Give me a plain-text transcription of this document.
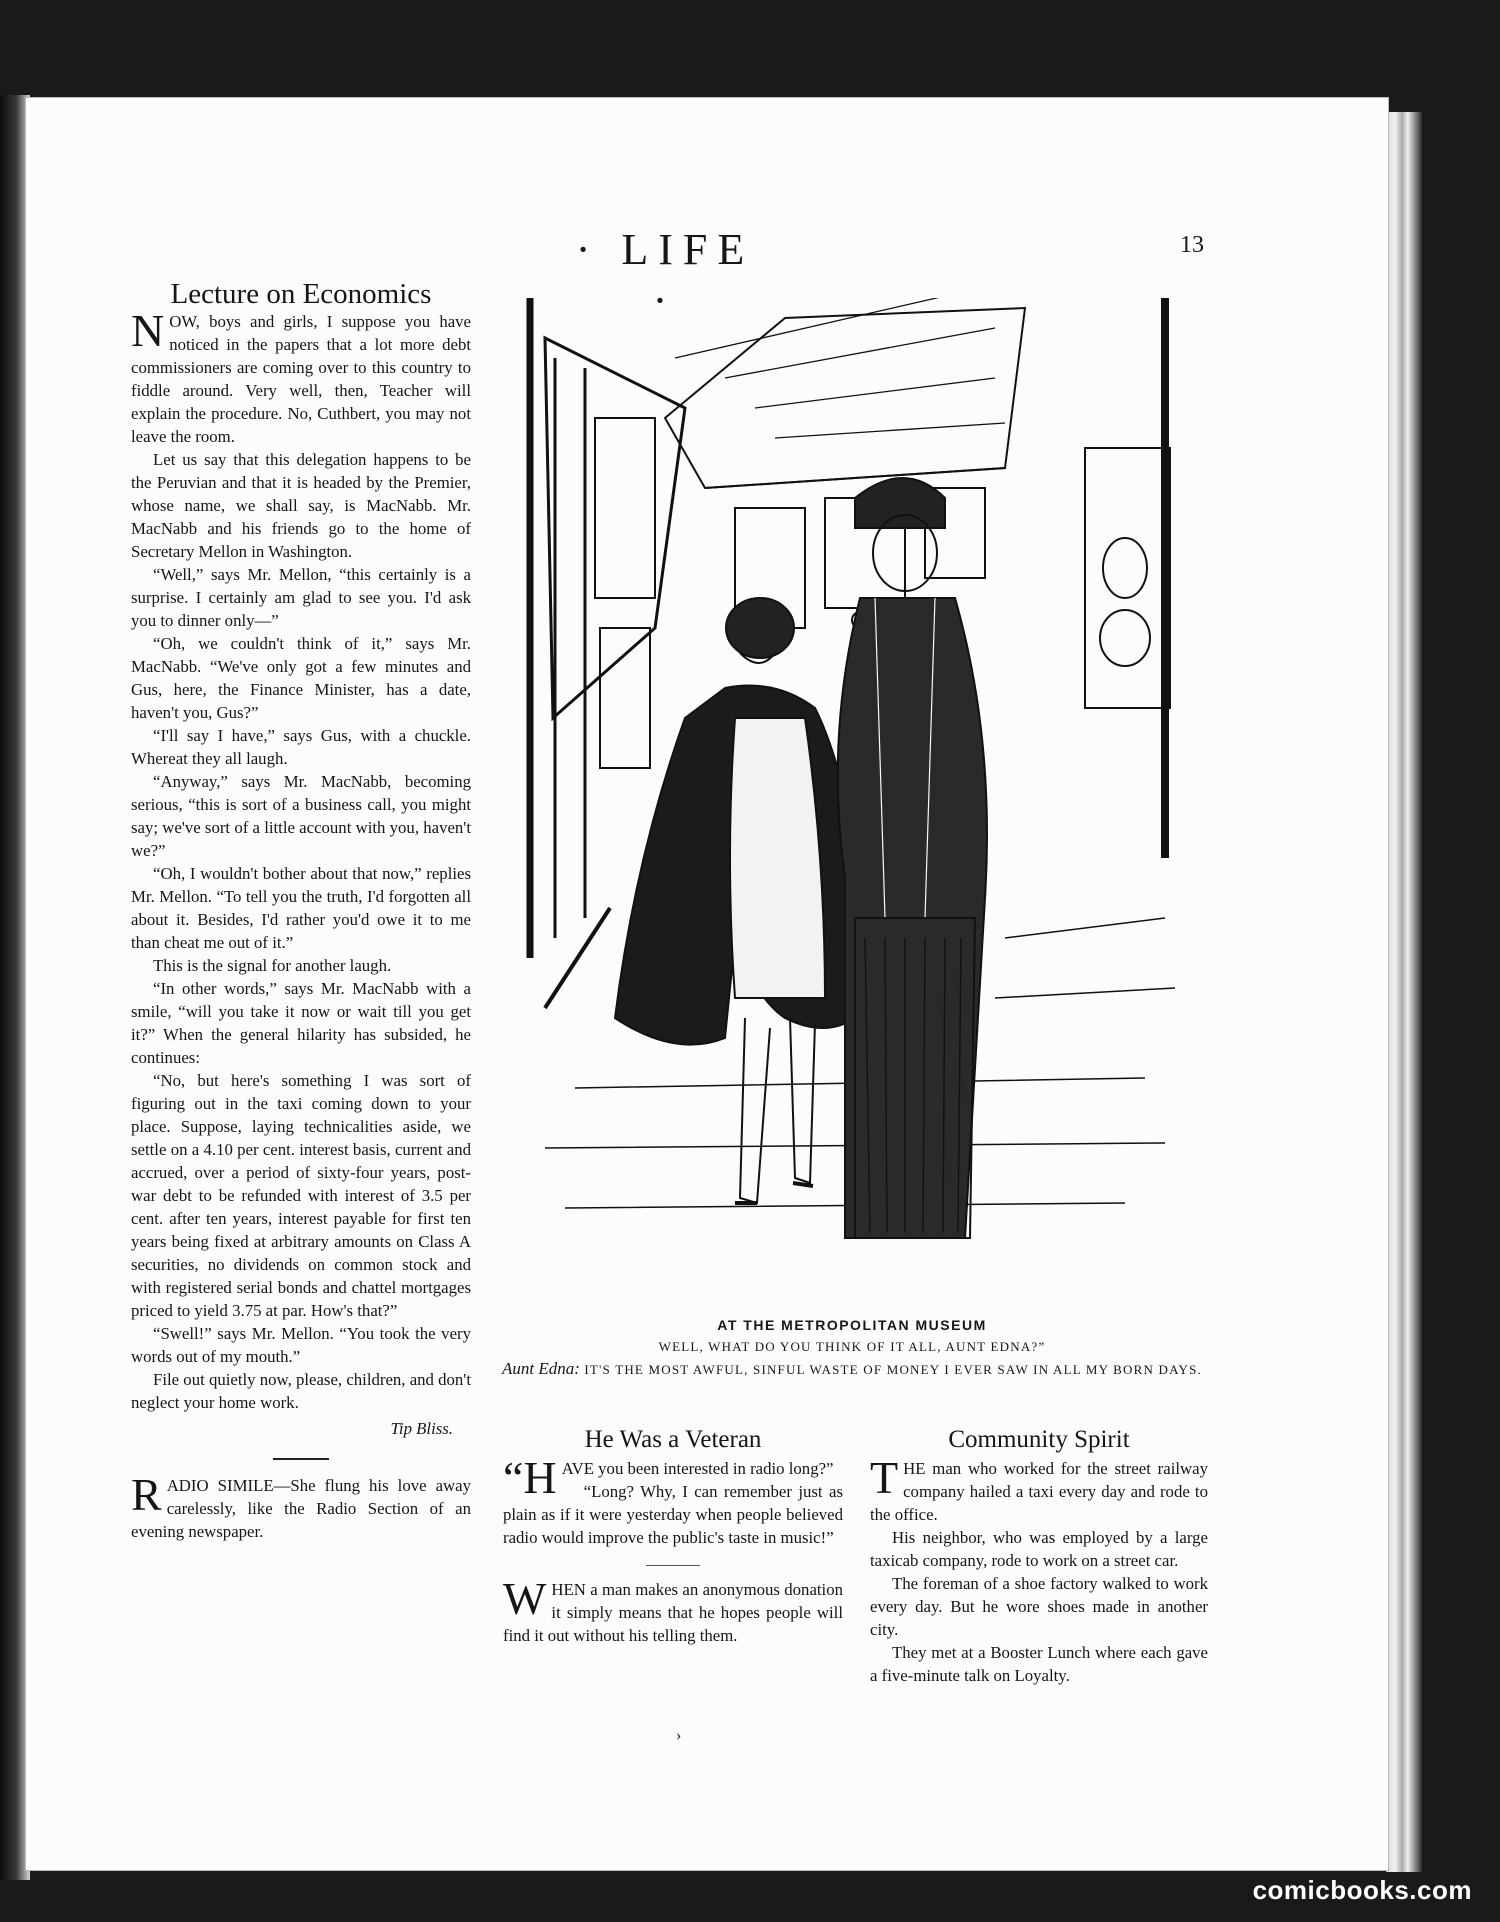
· LIFE ·
13
Lecture on Economics

NOW, boys and girls, I suppose you have noticed in the papers that a lot more debt commissioners are coming over to this country to fiddle around. Very well, then, Teacher will explain the procedure. No, Cuthbert, you may not leave the room.

Let us say that this delegation happens to be the Peruvian and that it is headed by the Premier, whose name, we shall say, is MacNabb. Mr. MacNabb and his friends go to the home of Secretary Mellon in Washington.

“Well,” says Mr. Mellon, “this certainly is a surprise. I certainly am glad to see you. I'd ask you to dinner only—”

“Oh, we couldn't think of it,” says Mr. MacNabb. “We've only got a few minutes and Gus, here, the Finance Minister, has a date, haven't you, Gus?”

“I'll say I have,” says Gus, with a chuckle. Whereat they all laugh.

“Anyway,” says Mr. MacNabb, becoming serious, “this is sort of a business call, you might say; we've sort of a little account with you, haven't we?”

“Oh, I wouldn't bother about that now,” replies Mr. Mellon. “To tell you the truth, I'd forgotten all about it. Besides, I'd rather you'd owe it to me than cheat me out of it.”

This is the signal for another laugh.

“In other words,” says Mr. MacNabb with a smile, “will you take it now or wait till you get it?” When the general hilarity has subsided, he continues:

“No, but here's something I was sort of figuring out in the taxi coming down to your place. Suppose, laying technicalities aside, we settle on a 4.10 per cent. interest basis, current and accrued, over a period of sixty-four years, post-war debt to be refunded with interest of 3.5 per cent. after ten years, interest payable for first ten years being fixed at arbitrary amounts on Class A securities, no dividends on common stock and with registered serial bonds and chattel mortgages priced to yield 3.75 at par. How's that?”

“Swell!” says Mr. Mellon. “You took the very words out of my mouth.”

File out quietly now, please, children, and don't neglect your home work.

Tip Bliss.

RADIO SIMILE—She flung his love away carelessly, like the Radio Section of an evening newspaper.

AT THE METROPOLITAN MUSEUM
WELL, WHAT DO YOU THINK OF IT ALL, AUNT EDNA?”
Aunt Edna: IT'S THE MOST AWFUL, SINFUL WASTE OF MONEY I EVER SAW IN ALL MY BORN DAYS.
He Was a Veteran

“HAVE you been interested in radio long?”

“Long? Why, I can remember just as plain as if it were yesterday when people believed radio would improve the public's taste in music!”

WHEN a man makes an anonymous donation it simply means that he hopes people will find it out without his telling them.

Community Spirit

THE man who worked for the street railway company hailed a taxi every day and rode to the office.

His neighbor, who was employed by a large taxicab company, rode to work on a street car.

The foreman of a shoe factory walked to work every day. But he wore shoes made in another city.

They met at a Booster Lunch where each gave a five-minute talk on Loyalty.

›
comicbooks.com
